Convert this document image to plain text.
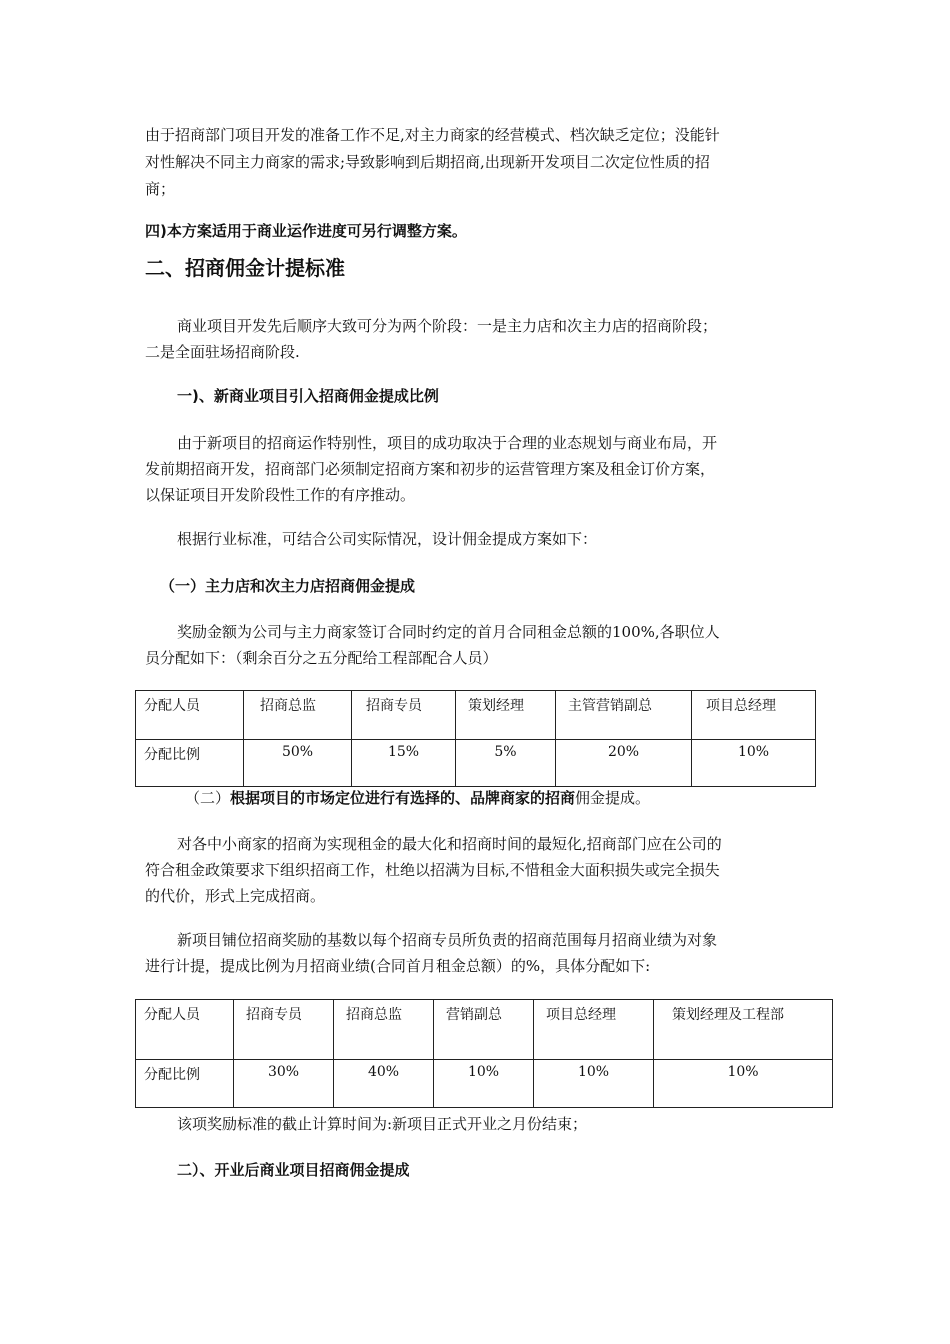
由于招商部门项目开发的准备工作不足,对主力商家的经营模式、档次缺乏定位；没能针
对性解决不同主力商家的需求;导致影响到后期招商,出现新开发项目二次定位性质的招
商；
四)本方案适用于商业运作进度可另行调整方案。
二、招商佣金计提标准
商业项目开发先后顺序大致可分为两个阶段：一是主力店和次主力店的招商阶段；
二是全面驻场招商阶段.
一)、新商业项目引入招商佣金提成比例
由于新项目的招商运作特别性，项目的成功取决于合理的业态规划与商业布局，开
发前期招商开发，招商部门必须制定招商方案和初步的运营管理方案及租金订价方案，
以保证项目开发阶段性工作的有序推动。
根据行业标准，可结合公司实际情况，设计佣金提成方案如下：
（一）主力店和次主力店招商佣金提成
奖励金额为公司与主力商家签订合同时约定的首月合同租金总额的100%,各职位人
员分配如下：（剩余百分之五分配给工程部配合人员）
分配人员	招商总监	招商专员	策划经理	主管营销副总	项目总经理
分配比例	50%	15%	5%	20%	10%
（二）根据项目的市场定位进行有选择的、品牌商家的招商佣金提成。
对各中小商家的招商为实现租金的最大化和招商时间的最短化,招商部门应在公司的
符合租金政策要求下组织招商工作，杜绝以招满为目标,不惜租金大面积损失或完全损失
的代价，形式上完成招商。
新项目铺位招商奖励的基数以每个招商专员所负责的招商范围每月招商业绩为对象
进行计提，提成比例为月招商业绩(合同首月租金总额）的%，具体分配如下:
分配人员	招商专员	招商总监	营销副总	项目总经理	策划经理及工程部
分配比例	30%	40%	10%	10%	10%
该项奖励标准的截止计算时间为:新项目正式开业之月份结束；
二）、开业后商业项目招商佣金提成
